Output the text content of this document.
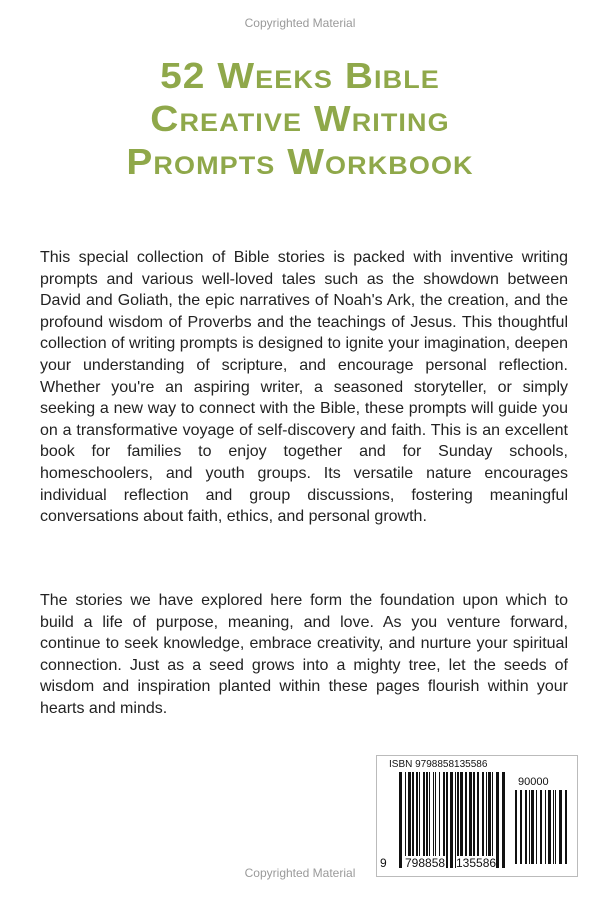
Copyrighted Material
52 Weeks Bible
Creative Writing
Prompts Workbook

This special collection of Bible stories is packed with inventive writing prompts and various well-loved tales such as the showdown between David and Goliath, the epic narratives of Noah's Ark, the creation, and the profound wisdom of Proverbs and the teachings of Jesus. This thoughtful collection of writing prompts is designed to ignite your imagination, deepen your understanding of scripture, and encourage personal reflection. Whether you're an aspiring writer, a seasoned storyteller, or simply seeking a new way to connect with the Bible, these prompts will guide you on a transformative voyage of self-discovery and faith. This is an excellent book for families to enjoy together and for Sunday schools, homeschoolers, and youth groups. Its versatile nature encourages individual reflection and group discussions, fostering meaningful conversations about faith, ethics, and personal growth.

The stories we have explored here form the foundation upon which to build a life of purpose, meaning, and love. As you venture forward, continue to seek knowledge, embrace creativity, and nurture your spiritual connection. Just as a seed grows into a mighty tree, let the seeds of wisdom and inspiration planted within these pages flourish within your hearts and minds.

ISBN 9798858135586
90000
9 798858 135586
Copyrighted Material
